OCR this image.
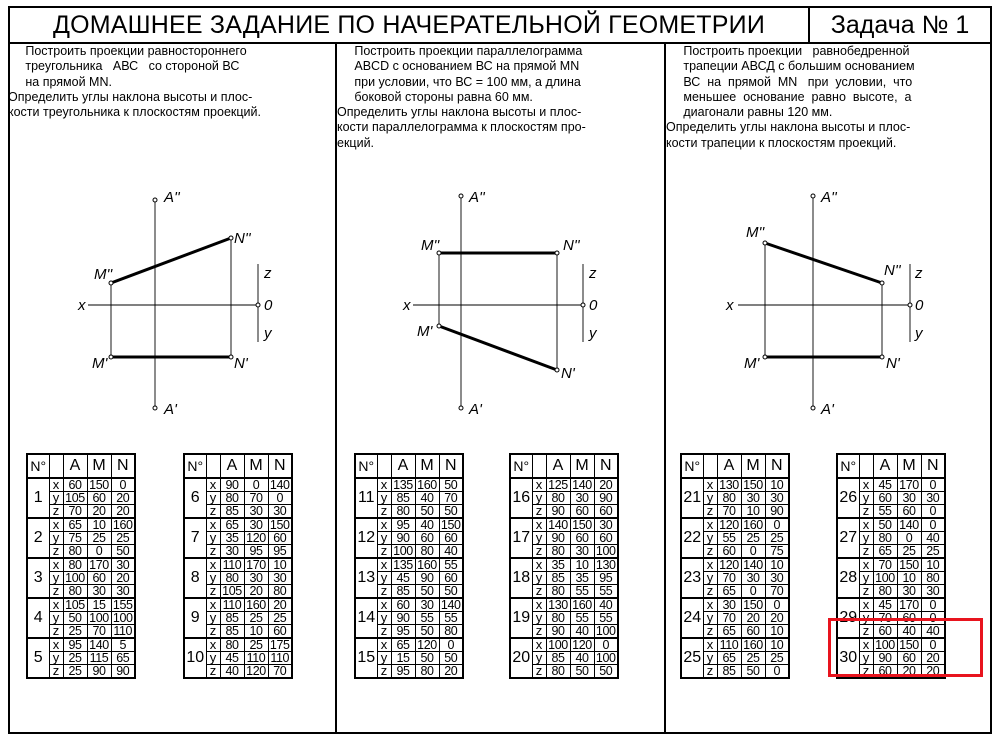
ДОМАШНЕЕ ЗАДАНИЕ ПО НАЧЕРАТЕЛЬНОЙ ГЕОМЕТРИИ	Задача № 1
Построить проекции равностороннего
треугольника   АВС   со стороной ВС
на прямой MN.
Определить углы наклона высоты и плос-
кости треугольника к плоскостям проекций.
Построить проекции параллелограмма
ABCD с основанием ВС на прямой MN
при условии, что ВС = 100 мм, а длина
боковой стороны равна 60 мм.
Определить углы наклона высоты и плос-
кости параллелограмма к плоскостям про-
екций.
Построить проекции   равнобедренной
трапеции АВСД с большим основанием
ВС  на  прямой  MN   при  условии,  что
меньшее  основание  равно  высоте,  а
диагонали равны 120 мм.
Определить углы наклона высоты и плос-
кости трапеции к плоскостям проекций.
A''
N''
M''	z
x	0
y
M'	N'
A'
A''
N''
M''
z
x	0
y
M'
N'
A'
A''
N''
M''
z
x	0
y
M'	N'
A'
N°		A	M	N
1	x	60	150	0
	y	105	60	20
	z	70	20	20
2	x	65	10	160
	y	75	25	25
	z	80	0	50
3	x	80	170	30
	y	100	60	20
	z	80	30	30
4	x	105	15	155
	y	50	100	100
	z	25	70	110
5	x	95	140	5
	y	25	115	65
	z	25	90	90
N°		A	M	N
6	x	90	0	140
	y	80	70	0
	z	85	30	30
7	x	65	30	150
	y	35	120	60
	z	30	95	95
8	x	110	170	10
	y	80	30	30
	z	105	20	80
9	x	110	160	20
	y	85	25	25
	z	85	10	60
10	x	80	25	175
	y	45	110	110
	z	40	120	70
N°		A	M	N
11	x	135	160	50
	y	85	40	70
	z	80	50	50
12	x	95	40	150
	y	90	60	60
	z	100	80	40
13	x	135	160	55
	y	45	90	60
	z	85	50	50
14	x	60	30	140
	y	90	55	55
	z	95	50	80
15	x	65	120	0
	y	15	50	50
	z	95	80	20
N°		A	M	N
16	x	125	140	20
	y	80	30	90
	z	90	60	60
17	x	140	150	30
	y	90	60	60
	z	80	30	100
18	x	35	10	130
	y	85	35	95
	z	80	55	55
19	x	130	160	40
	y	80	55	55
	z	90	40	100
20	x	100	120	0
	y	85	40	100
	z	80	50	50
N°		A	M	N
21	x	130	150	10
	y	80	30	30
	z	70	10	90
22	x	120	160	0
	y	55	25	25
	z	60	0	75
23	x	120	140	10
	y	70	30	30
	z	65	0	70
24	x	30	150	0
	y	70	20	20
	z	65	60	10
25	x	110	160	10
	y	65	25	25
	z	85	50	0
N°		A	M	N
26	x	45	170	0
	y	60	30	30
	z	55	60	0
27	x	50	140	0
	y	80	0	40
	z	65	25	25
28	x	70	150	10
	y	100	10	80
	z	80	30	30
29	x	45	170	0
	y	70	60	0
	z	60	40	40
30	x	100	150	0
	y	90	60	20
	z	60	20	20
